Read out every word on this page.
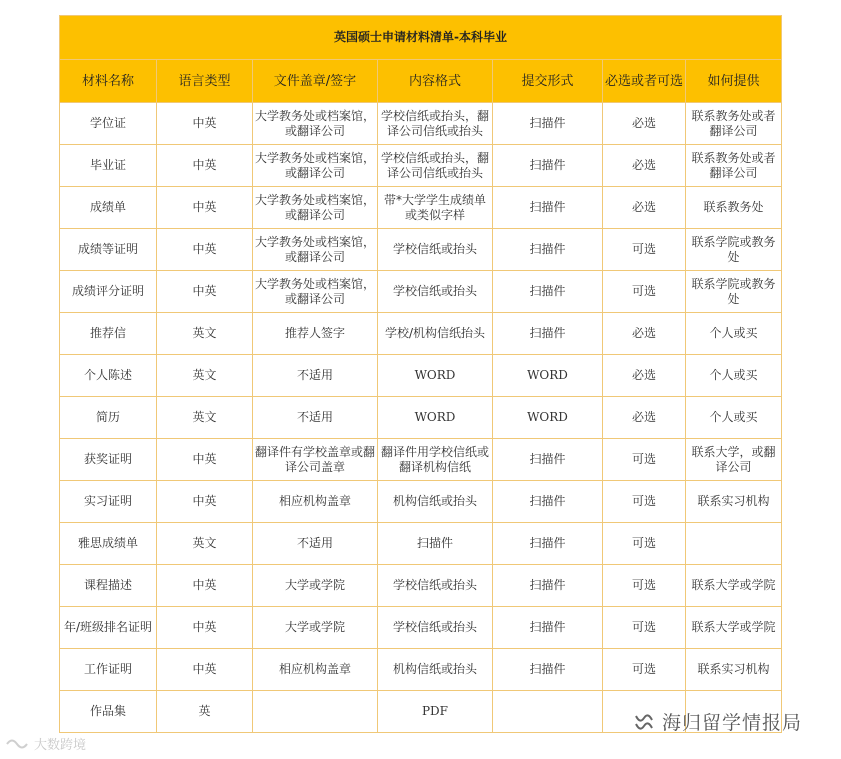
英国硕士申请材料清单-本科毕业						
材料名称	语言类型	文件盖章/签字	内容格式	提交形式	必选或者可选	如何提供
学位证	中英	大学教务处或档案馆，或翻译公司	学校信纸或抬头，翻译公司信纸或抬头	扫描件	必选	联系教务处或者翻译公司
毕业证	中英	大学教务处或档案馆，或翻译公司	学校信纸或抬头，翻译公司信纸或抬头	扫描件	必选	联系教务处或者翻译公司
成绩单	中英	大学教务处或档案馆，或翻译公司	带*大学学生成绩单或类似字样	扫描件	必选	联系教务处
成绩等证明	中英	大学教务处或档案馆，或翻译公司	学校信纸或抬头	扫描件	可选	联系学院或教务处
成绩评分证明	中英	大学教务处或档案馆，或翻译公司	学校信纸或抬头	扫描件	可选	联系学院或教务处
推荐信	英文	推荐人签字	学校/机构信纸抬头	扫描件	必选	个人或买
个人陈述	英文	不适用	WORD	WORD	必选	个人或买
简历	英文	不适用	WORD	WORD	必选	个人或买
获奖证明	中英	翻译件有学校盖章或翻译公司盖章	翻译件用学校信纸或翻译机构信纸	扫描件	可选	联系大学，或翻译公司
实习证明	中英	相应机构盖章	机构信纸或抬头	扫描件	可选	联系实习机构
雅思成绩单	英文	不适用	扫描件	扫描件	可选	
课程描述	中英	大学或学院	学校信纸或抬头	扫描件	可选	联系大学或学院
年/班级排名证明	中英	大学或学院	学校信纸或抬头	扫描件	可选	联系大学或学院
工作证明	中英	相应机构盖章	机构信纸或抬头	扫描件	可选	联系实习机构
作品集	英		PDF			
海归留学情报局
大数跨境
